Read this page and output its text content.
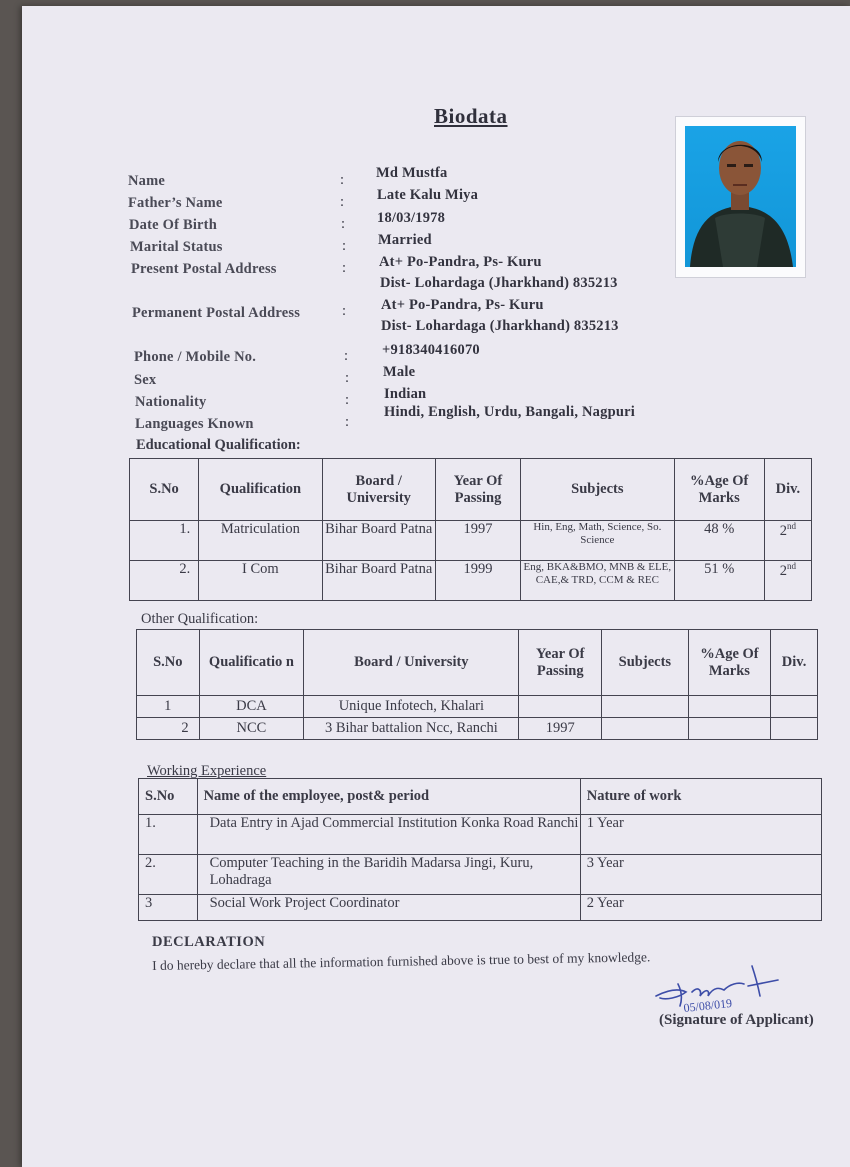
Biodata
Name	: Md Mustfa
Father’s Name	: Late Kalu Miya
Date Of Birth	: 18/03/1978
Marital Status	: Married
Present Postal Address	: At+ Po-Pandra, Ps- Kuru
Dist- Lohardaga (Jharkhand) 835213
Permanent Postal Address	: At+ Po-Pandra, Ps- Kuru
Dist- Lohardaga (Jharkhand) 835213
Phone / Mobile No.	: +918340416070
Sex	: Male
Nationality	: Indian
Languages Known	:
Hindi, English, Urdu, Bangali, Nagpuri
Educational Qualification:
S.No	Qualification	Board / University	Year Of Passing	Subjects	%Age Of Marks	Div.
1.	Matriculation	Bihar Board Patna	1997	Hin, Eng, Math, Science, So. Science	48 %	2nd
2.	I Com	Bihar Board Patna	1999	Eng, BKA&BMO, MNB & ELE, CAE,& TRD, CCM & REC	51 %	2nd
Other Qualification:
S.No	Qualificatio n	Board / University	Year Of Passing	Subjects	%Age Of Marks	Div.
1	DCA	Unique Infotech, Khalari				
2	NCC	3 Bihar battalion Ncc, Ranchi	1997			
Working Experience
S.No	Name of the employee, post& period	Nature of work
1.	Data Entry in Ajad Commercial Institution Konka Road Ranchi	1 Year
2.	Computer Teaching in the Baridih Madarsa Jingi, Kuru, Lohadraga	3 Year
3	Social Work Project Coordinator	2 Year
DECLARATION
I do hereby declare that all the information furnished above is true to best of my knowledge.
05/08/019
(Signature of Applicant)
